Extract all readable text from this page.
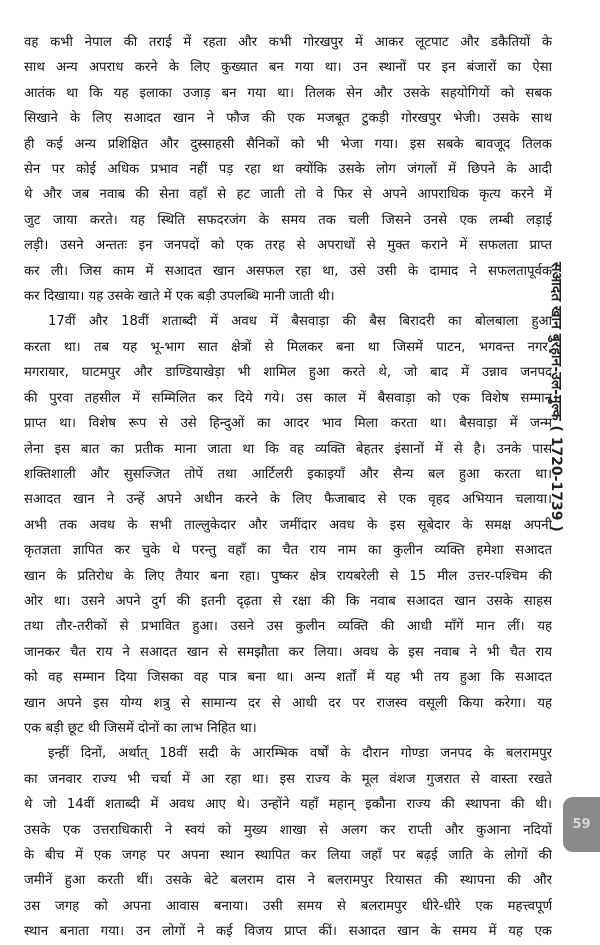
वह कभी नेपाल की तराई में रहता और कभी गोरखपुर में आकर लूटपाट और डकैतियों के
साथ अन्य अपराध करने के लिए कुख्यात बन गया था। उन स्थानों पर इन बंजारों का ऐसा
आतंक था कि यह इलाका उजाड़ बन गया था। तिलक सेन और उसके सहयोगियों को सबक
सिखाने के लिए सआदत खान ने फौज की एक मजबूत टुकड़ी गोरखपुर भेजी। उसके साथ
ही कई अन्य प्रशिक्षित और दुस्साहसी सैनिकों को भी भेजा गया। इस सबके बावजूद तिलक
सेन पर कोई अधिक प्रभाव नहीं पड़ रहा था क्योंकि उसके लोग जंगलों में छिपने के आदी
थे और जब नवाब की सेना वहाँ से हट जाती तो वे फिर से अपने आपराधिक कृत्य करने में
जुट जाया करते। यह स्थिति सफदरजंग के समय तक चली जिसने उनसे एक लम्बी लड़ाई
लड़ी। उसने अन्ततः इन जनपदों को एक तरह से अपराधों से मुक्त कराने में सफलता प्राप्त
कर ली। जिस काम में सआदत खान असफल रहा था, उसे उसी के दामाद ने सफलतापूर्वक
कर दिखाया। यह उसके खाते में एक बड़ी उपलब्धि मानी जाती थी।
17वीं और 18वीं शताब्दी में अवध में बैसवाड़ा की बैस बिरादरी का बोलबाला हुआ
करता था। तब यह भू-भाग सात क्षेत्रों से मिलकर बना था जिसमें पाटन, भगवन्त नगर,
मगरायार, घाटमपुर और डाण्डियाखेड़ा भी शामिल हुआ करते थे, जो बाद में उन्नाव जनपद
की पुरवा तहसील में सम्मिलित कर दिये गये। उस काल में बैसवाड़ा को एक विशेष सम्मान
प्राप्त था। विशेष रूप से उसे हिन्दुओं का आदर भाव मिला करता था। बैसवाड़ा में जन्म
लेना इस बात का प्रतीक माना जाता था कि वह व्यक्ति बेहतर इंसानों में से है। उनके पास
शक्तिशाली और सुसज्जित तोपें तथा आर्टिलरी इकाइयाँ और सैन्य बल हुआ करता था।
सआदत खान ने उन्हें अपने अधीन करने के लिए फैजाबाद से एक वृहद अभियान चलाया।
अभी तक अवध के सभी ताल्लुकेदार और जमींदार अवध के इस सूबेदार के समक्ष अपनी
कृतज्ञता ज्ञापित कर चुके थे परन्तु वहाँ का चैत राय नाम का कुलीन व्यक्ति हमेशा सआदत
खान के प्रतिरोध के लिए तैयार बना रहा। पुष्कर क्षेत्र रायबरेली से 15 मील उत्तर-पश्चिम की
ओर था। उसने अपने दुर्ग की इतनी दृढ़ता से रक्षा की कि नवाब सआदत खान उसके साहस
तथा तौर-तरीकों से प्रभावित हुआ। उसने उस कुलीन व्यक्ति की आधी माँगें मान लीं। यह
जानकर चैत राय ने सआदत खान से समझौता कर लिया। अवध के इस नवाब ने भी चैत राय
को वह सम्मान दिया जिसका वह पात्र बना था। अन्य शर्तों में यह भी तय हुआ कि सआदत
खान अपने इस योग्य शत्रु से सामान्य दर से आधी दर पर राजस्व वसूली किया करेगा। यह
एक बड़ी छूट थी जिसमें दोनों का लाभ निहित था।
इन्हीं दिनों, अर्थात् 18वीं सदी के आरम्भिक वर्षों के दौरान गोण्डा जनपद के बलरामपुर
का जनवार राज्य भी चर्चा में आ रहा था। इस राज्य के मूल वंशज गुजरात से वास्ता रखते
थे जो 14वीं शताब्दी में अवध आए थे। उन्होंने यहाँ महान् इकौना राज्य की स्थापना की थी।
उसके एक उत्तराधिकारी ने स्वयं को मुख्य शाखा से अलग कर राप्ती और कुआना नदियों
के बीच में एक जगह पर अपना स्थान स्थापित कर लिया जहाँ पर बढ़ई जाति के लोगों की
जमीनें हुआ करती थीं। उसके बेटे बलराम दास ने बलरामपुर रियासत की स्थापना की और
उस जगह को अपना आवास बनाया। उसी समय से बलरामपुर धीरे-धीरे एक महत्त्वपूर्ण
स्थान बनाता गया। उन लोगों ने कई विजय प्राप्त कीं। सआदत खान के समय में यह एक
सआदत खान बुरहान-उल-मुल्क ( 1720-1739 )
59
